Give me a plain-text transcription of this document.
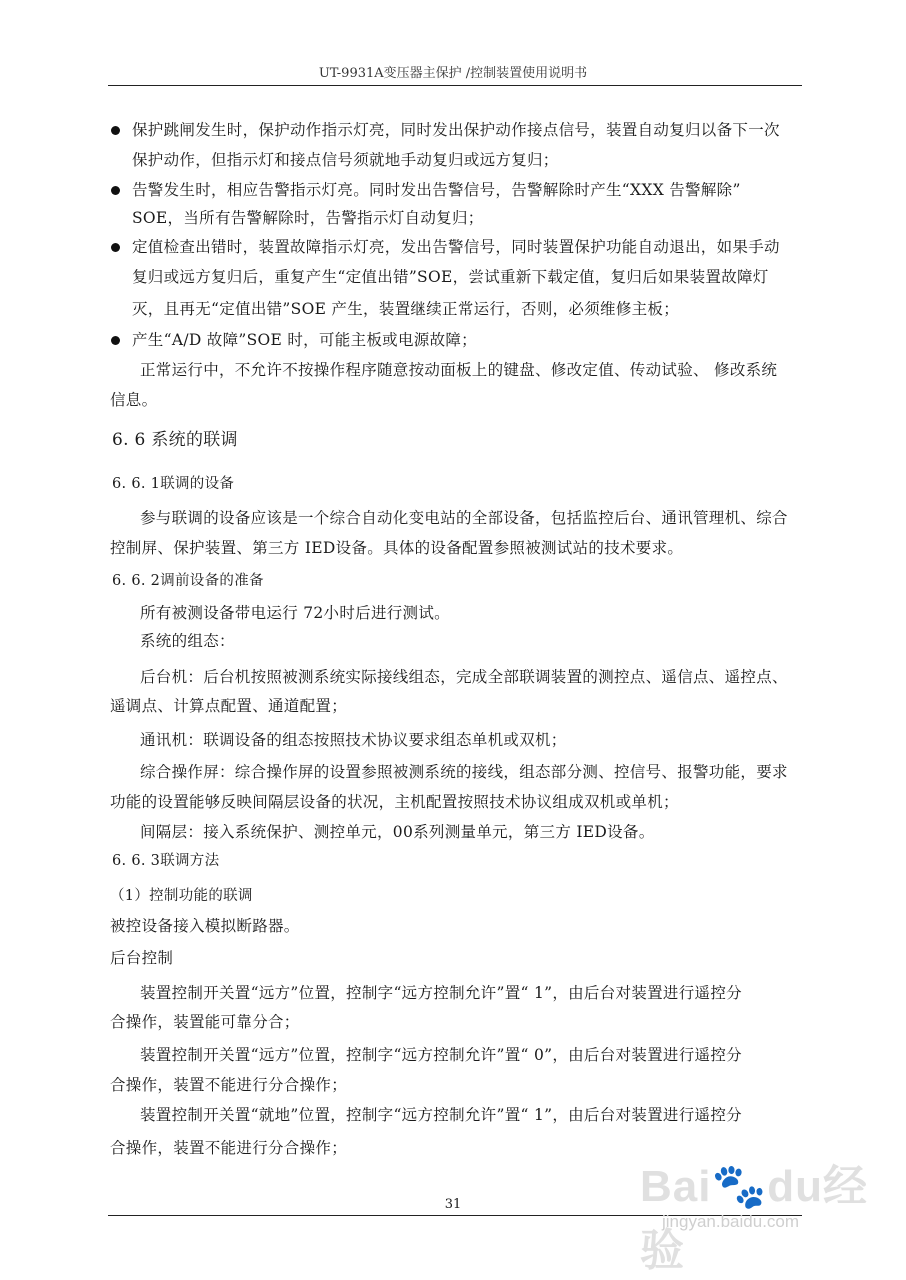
UT-9931A变压器主保护 /控制装置使用说明书
保护跳闸发生时，保护动作指示灯亮，同时发出保护动作接点信号，装置自动复归以备下一次
保护动作，但指示灯和接点信号须就地手动复归或远方复归；
告警发生时，相应告警指示灯亮。同时发出告警信号，告警解除时产生“XXX 告警解除”
SOE，当所有告警解除时，告警指示灯自动复归；
定值检查出错时，装置故障指示灯亮，发出告警信号，同时装置保护功能自动退出，如果手动
复归或远方复归后，重复产生“定值出错”SOE，尝试重新下载定值，复归后如果装置故障灯
灭，且再无“定值出错”SOE 产生，装置继续正常运行，否则，必须维修主板；
产生“A/D 故障”SOE 时，可能主板或电源故障；
正常运行中，不允许不按操作程序随意按动面板上的键盘、修改定值、传动试验、 修改系统
信息。
6. 6 系统的联调
6. 6. 1联调的设备
参与联调的设备应该是一个综合自动化变电站的全部设备，包括监控后台、通讯管理机、综合
控制屏、保护装置、第三方 IED设备。具体的设备配置参照被测试站的技术要求。
6. 6. 2调前设备的准备
所有被测设备带电运行 72小时后进行测试。
系统的组态：
后台机：后台机按照被测系统实际接线组态，完成全部联调装置的测控点、遥信点、遥控点、
遥调点、计算点配置、通道配置；
通讯机：联调设备的组态按照技术协议要求组态单机或双机；
综合操作屏：综合操作屏的设置参照被测系统的接线，组态部分测、控信号、报警功能，要求
功能的设置能够反映间隔层设备的状况，主机配置按照技术协议组成双机或单机；
间隔层：接入系统保护、测控单元，00系列测量单元，第三方 IED设备。
6. 6. 3联调方法
（1）控制功能的联调
被控设备接入模拟断路器。
后台控制
装置控制开关置“远方”位置，控制字“远方控制允许”置“ 1”，由后台对装置进行遥控分
合操作，装置能可靠分合；
装置控制开关置“远方”位置，控制字“远方控制允许”置“ 0”，由后台对装置进行遥控分
合操作，装置不能进行分合操作；
装置控制开关置“就地”位置，控制字“远方控制允许”置“ 1”，由后台对装置进行遥控分
合操作，装置不能进行分合操作；
31	Bai🐾du经验
jingyan.baidu.com
